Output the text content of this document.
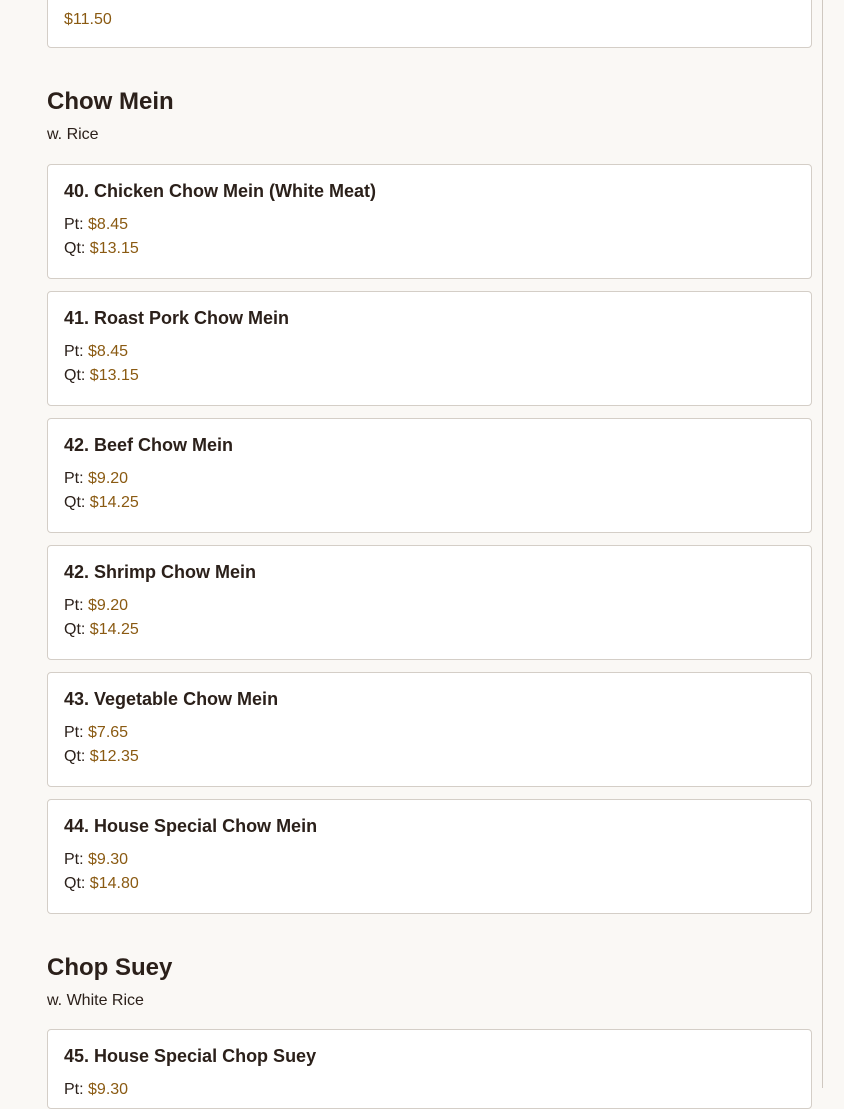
$11.50
Chow Mein
w. Rice
40. Chicken Chow Mein (White Meat)
Pt: $8.45
Qt: $13.15
41. Roast Pork Chow Mein
Pt: $8.45
Qt: $13.15
42. Beef Chow Mein
Pt: $9.20
Qt: $14.25
42. Shrimp Chow Mein
Pt: $9.20
Qt: $14.25
43. Vegetable Chow Mein
Pt: $7.65
Qt: $12.35
44. House Special Chow Mein
Pt: $9.30
Qt: $14.80
Chop Suey
w. White Rice
45. House Special Chop Suey
Pt: $9.30
